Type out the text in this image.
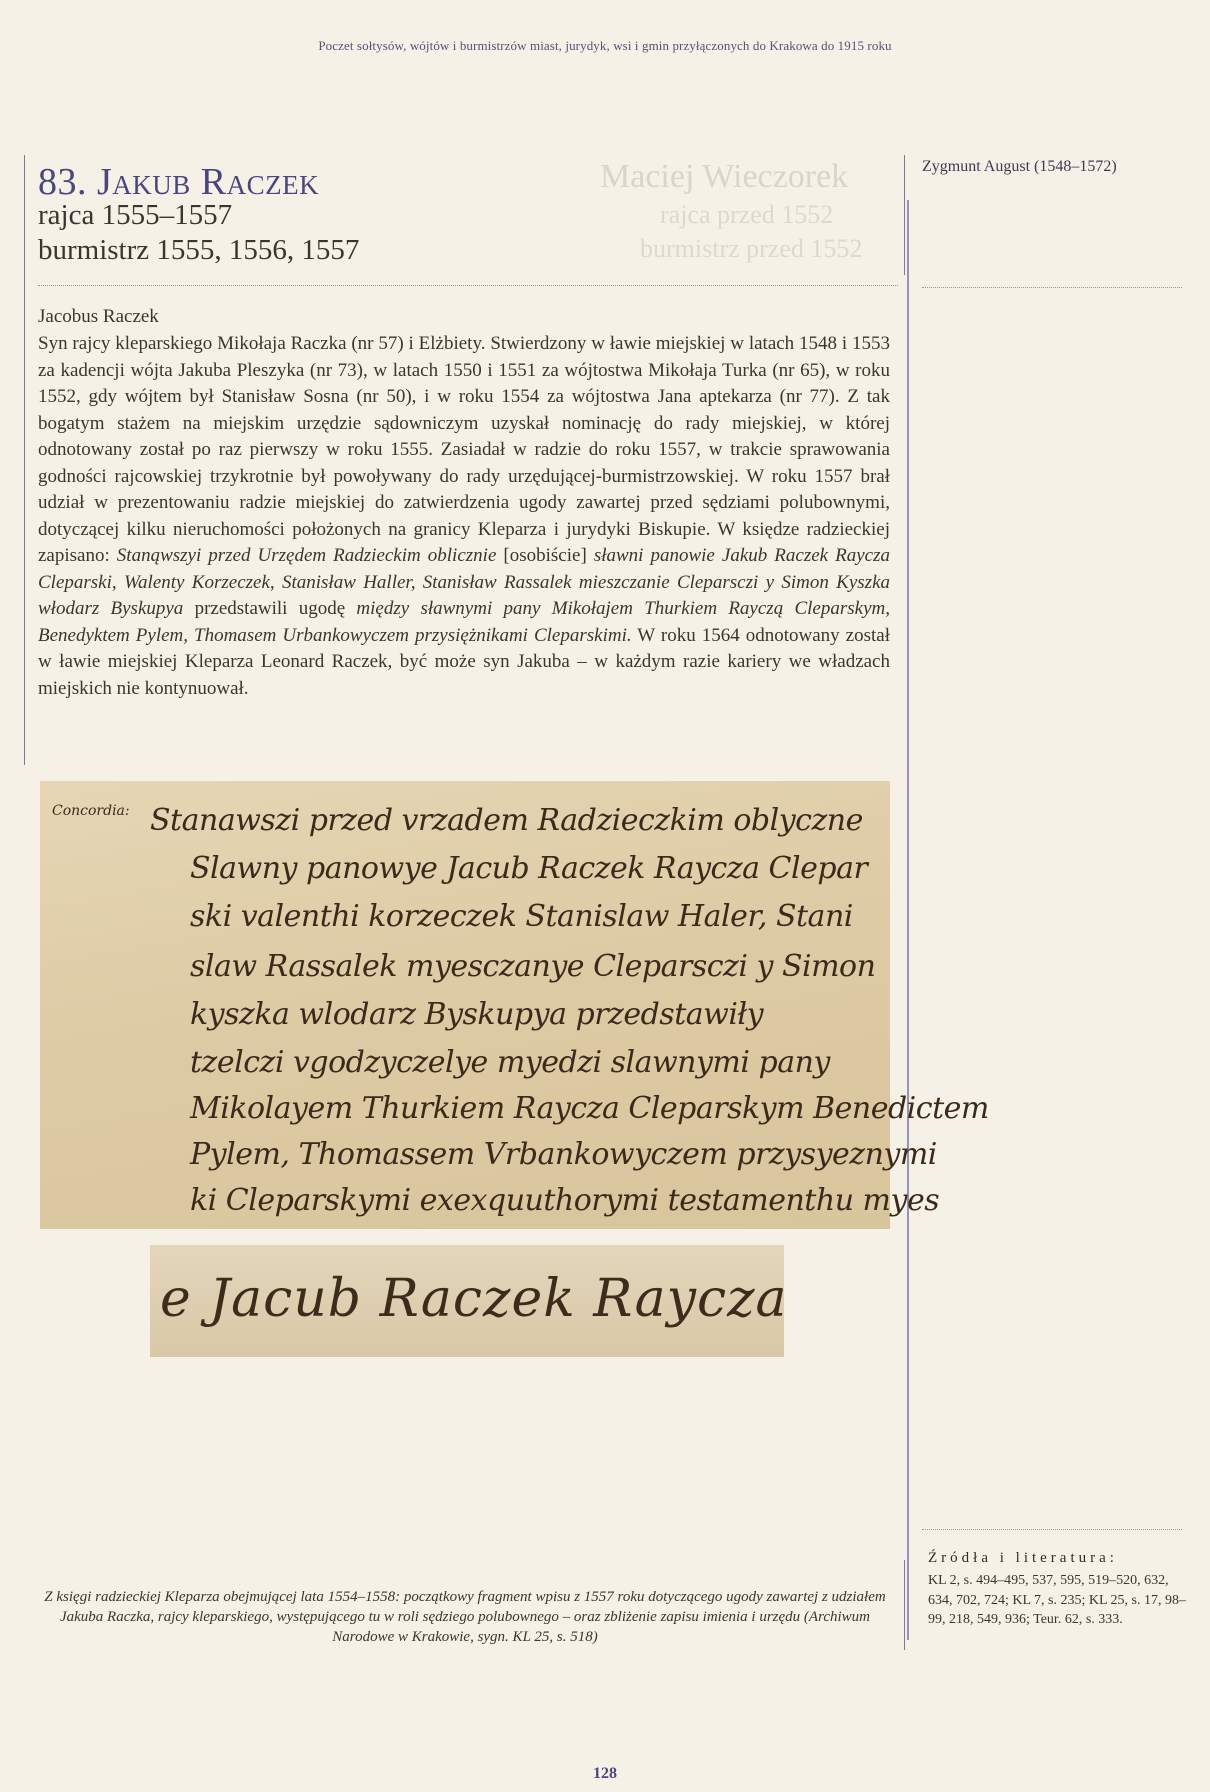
Poczet sołtysów, wójtów i burmistrzów miast, jurydyk, wsi i gmin przyłączonych do Krakowa do 1915 roku
Maciej Wieczorek
rajca przed 1552
burmistrz przed 1552
83. Jakub Raczek
rajca 1555–1557
burmistrz 1555, 1556, 1557
Zygmunt August (1548–1572)
Jacobus Raczek
Syn rajcy kleparskiego Mikołaja Raczka (nr 57) i Elżbiety. Stwierdzony w ławie miejskiej w latach 1548 i 1553 za kadencji wójta Jakuba Pleszyka (nr 73), w latach 1550 i 1551 za wójtostwa Mikołaja Turka (nr 65), w roku 1552, gdy wójtem był Stanisław Sosna (nr 50), i w roku 1554 za wójtostwa Jana aptekarza (nr 77). Z tak bogatym stażem na miejskim urzędzie sądowniczym uzyskał nominację do rady miejskiej, w której odnotowany został po raz pierwszy w roku 1555. Zasiadał w radzie do roku 1557, w trakcie sprawowania godności rajcowskiej trzykrotnie był powoływany do rady urzędującej-burmistrzowskiej. W roku 1557 brał udział w prezentowaniu radzie miejskiej do zatwierdzenia ugody zawartej przed sędziami polubownymi, dotyczącej kilku nieruchomości położonych na granicy Kleparza i jurydyki Biskupie. W księdze radzieckiej zapisano: Stanąwszyi przed Urzędem Radzieckim oblicznie [osobiście] sławni panowie Jakub Raczek Raycza Cleparski, Walenty Korzeczek, Stanisław Haller, Stanisław Rassalek mieszczanie Cleparsczi y Simon Kyszka włodarz Byskupya przedstawili ugodę między sławnymi pany Mikołajem Thurkiem Rayczą Cleparskym, Benedyktem Pylem, Thomasem Urbankowyczem przysiężnikami Cleparskimi. W roku 1564 odnotowany został w ławie miejskiej Kleparza Leonard Raczek, być może syn Jakuba – w każdym razie kariery we władzach miejskich nie kontynuował.
Concordia: Stanawszi przed vrzadem Radzieczkim oblyczne
Slawny panowye Jacub Raczek Raycza Clepar
ski valenthi korzeczek Stanislaw Haler, Stani
slaw Rassalek myesczanye Cleparsczi y Simon
kyszka wlodarz Byskupya przedstawiły
tzelczi vgodzyczelye myedzi slawnymi pany
Mikolayem Thurkiem Raycza Cleparskym Benedictem
Pylem, Thomassem Vrbankowyczem przysyeznymi
ki Cleparskymi exexquuthorymi testamenthu myes
e Jacub Raczek Raycza
Z księgi radzieckiej Kleparza obejmującej lata 1554–1558: początkowy fragment wpisu z 1557 roku dotyczącego ugody zawartej z udziałem Jakuba Raczka, rajcy kleparskiego, występującego tu w roli sędziego polubownego – oraz zbliżenie zapisu imienia i urzędu (Archiwum Narodowe w Krakowie, sygn. KL 25, s. 518)
Źródła i literatura:
KL 2, s. 494–495, 537, 595, 519–520, 632, 634, 702, 724; KL 7, s. 235; KL 25, s. 17, 98–99, 218, 549, 936; Teur. 62, s. 333.
128
